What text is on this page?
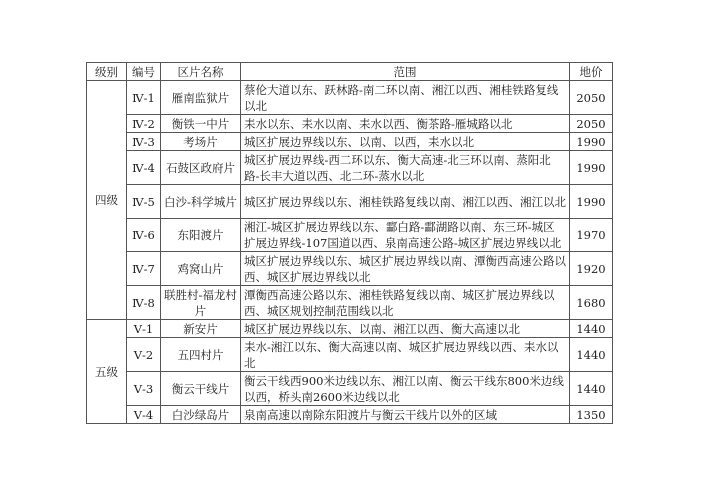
级别	编号	区片名称	范围	地价
四级	Ⅳ-1	雁南监狱片	蔡伦大道以东、跃林路-南二环以南、湘江以西、湘桂铁路复线以北	2050
	Ⅳ-2	衡铁一中片	耒水以东、耒水以南、耒水以西、衡茶路-雁城路以北	2050
	Ⅳ-3	考场片	城区扩展边界线以东、以南、以西，耒水以北	1990
	Ⅳ-4	石鼓区政府片	城区扩展边界线-西二环以东、衡大高速-北三环以南、蒸阳北路-长丰大道以西、北二环-蒸水以北	1990
	Ⅳ-5	白沙-科学城片	城区扩展边界线以东、湘桂铁路复线以南、湘江以西、湘江以北	1990
	Ⅳ-6	东阳渡片	湘江-城区扩展边界线以东、酃白路-酃湖路以南、东三环-城区扩展边界线-107国道以西、泉南高速公路-城区扩展边界线以北	1970
	Ⅳ-7	鸡窝山片	城区扩展边界线以东、城区扩展边界线以南、潭衡西高速公路以西、城区扩展边界线以北	1920
	Ⅳ-8	联胜村-福龙村片	潭衡西高速公路以东、湘桂铁路复线以南、城区扩展边界线以西、城区规划控制范围线以北	1680
五级	Ⅴ-1	新安片	城区扩展边界线以东、以南、湘江以西、衡大高速以北	1440
	Ⅴ-2	五四村片	耒水-湘江以东、衡大高速以南、城区扩展边界线以西、耒水以北	1440
	Ⅴ-3	衡云干线片	衡云干线西900米边线以东、湘江以南、衡云干线东800米边线以西，桥头南2600米边线以北	1440
	Ⅴ-4	白沙绿岛片	泉南高速以南除东阳渡片与衡云干线片以外的区域	1350
